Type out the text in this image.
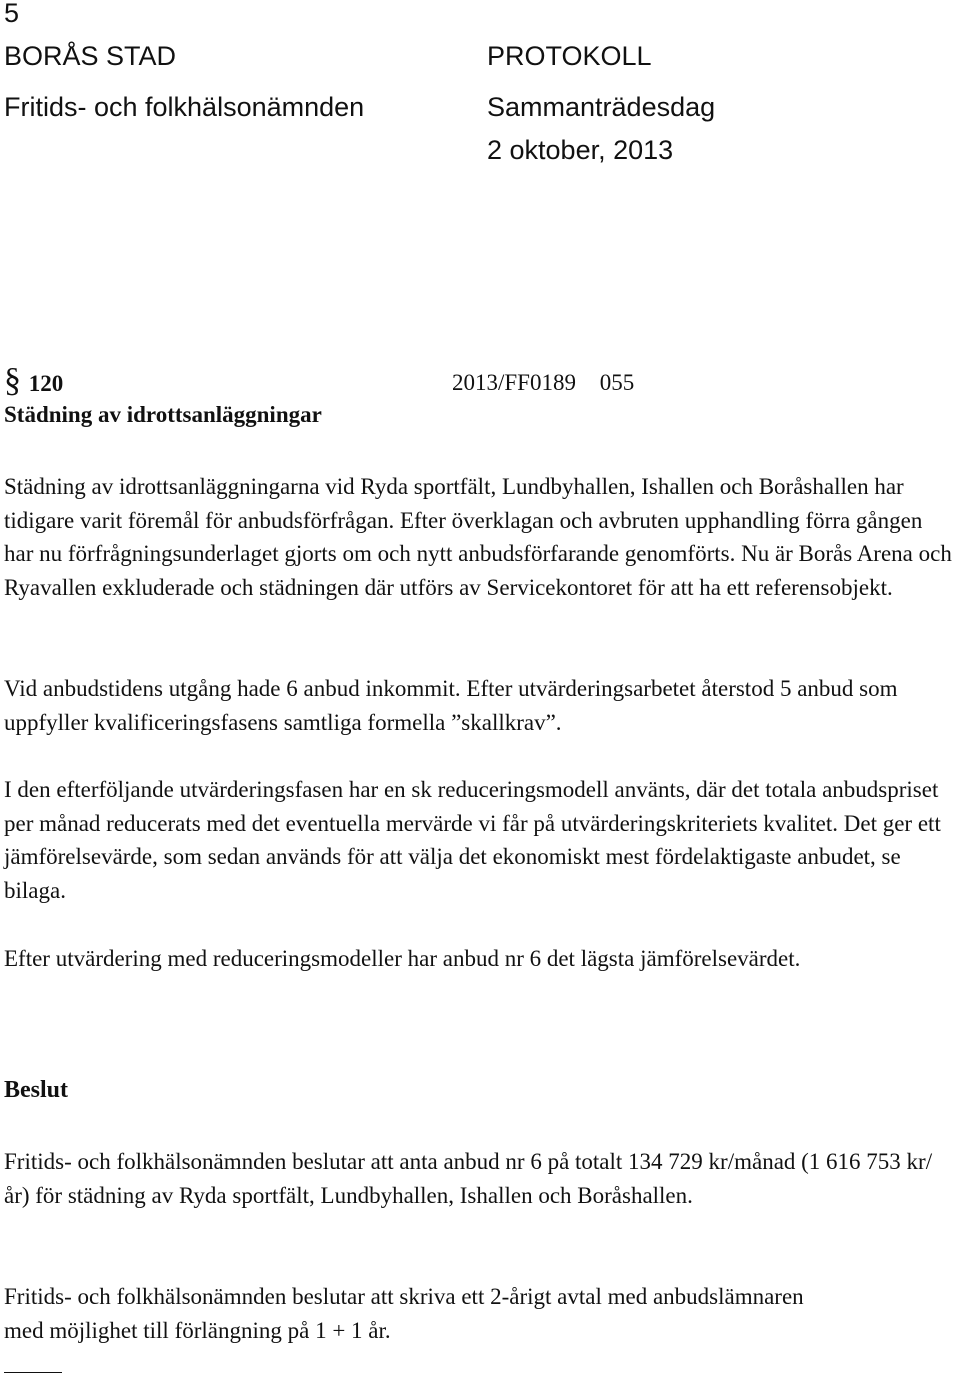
5
BORÅS STAD	PROTOKOLL
Fritids- och folkhälsonämnden	Sammanträdesdag
2 oktober, 2013
§ 120	2013/FF0189 055
Städning av idrottsanläggningar

Städning av idrottsanläggningarna vid Ryda sportfält, Lundbyhallen, Ishallen och Boråshallen har tidigare varit föremål för anbudsförfrågan. Efter överklagan och avbruten upphandling förra gången har nu förfrågningsunderlaget gjorts om och nytt anbudsförfarande genomförts. Nu är Borås Arena och Ryavallen exkluderade och städningen där utförs av Servicekontoret för att ha ett referensobjekt.

Vid anbudstidens utgång hade 6 anbud inkommit. Efter utvärderingsarbetet återstod 5 anbud som uppfyller kvalificeringsfasens samtliga formella ”skallkrav”.

I den efterföljande utvärderingsfasen har en sk reduceringsmodell använts, där det totala anbudspriset per månad reducerats med det eventuella mervärde vi får på utvärderingskriteriets kvalitet. Det ger ett jämförelsevärde, som sedan används för att välja det ekonomiskt mest fördelaktigaste anbudet, se bilaga.

Efter utvärdering med reduceringsmodeller har anbud nr 6 det lägsta jämförelsevärdet.

Beslut

Fritids- och folkhälsonämnden beslutar att anta anbud nr 6 på totalt 134 729 kr/månad (1 616 753 kr/år) för städning av Ryda sportfält, Lundbyhallen, Ishallen och Boråshallen.

Fritids- och folkhälsonämnden beslutar att skriva ett 2-årigt avtal med anbudslämnaren med möjlighet till förlängning på 1 + 1 år.
